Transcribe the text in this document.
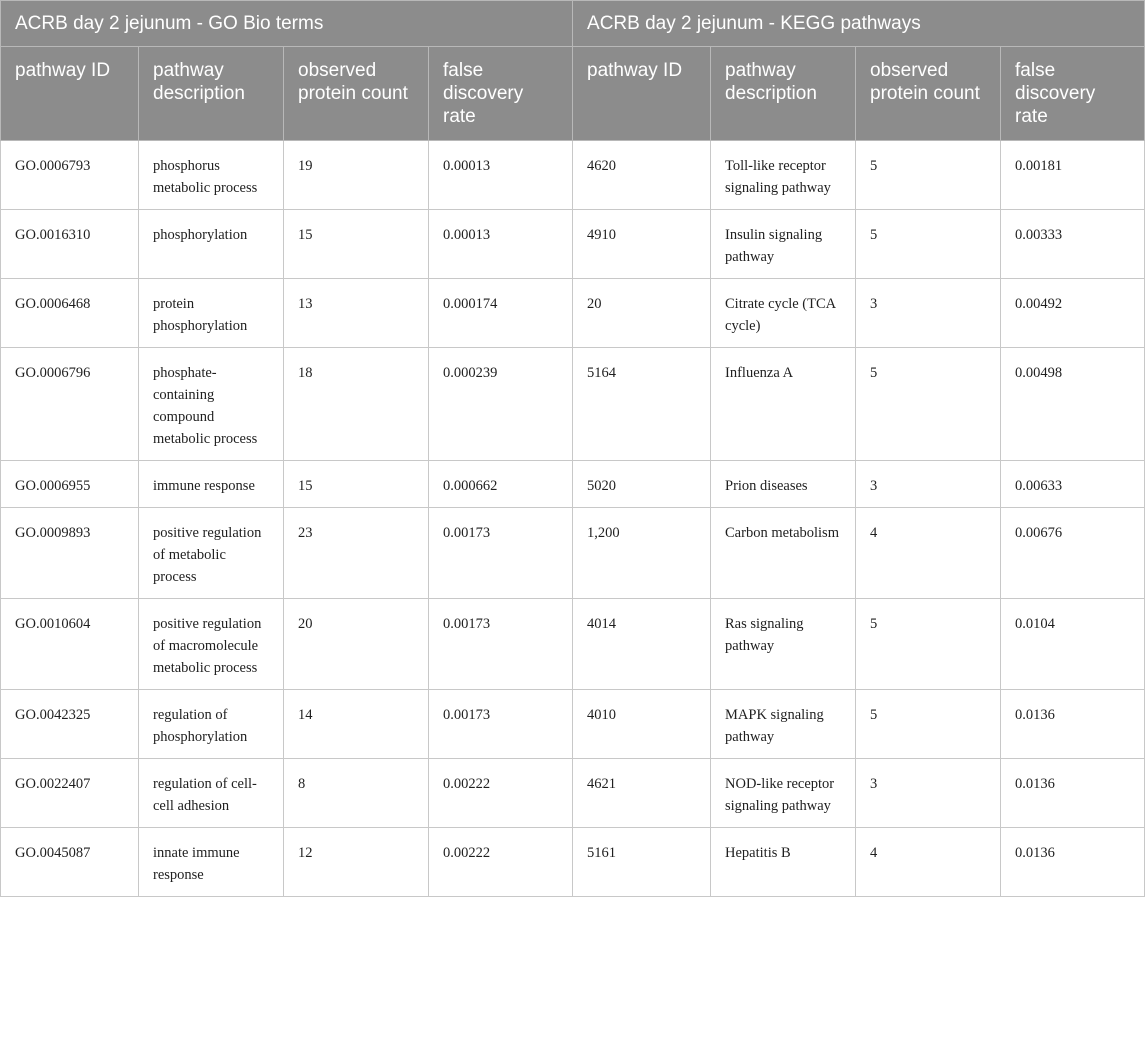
ACRB day 2 jejunum - GO Bio terms				ACRB day 2 jejunum - KEGG pathways			
pathway ID	pathway description	observed protein count	false discovery rate	pathway ID	pathway description	observed protein count	false discovery rate
GO.0006793	phosphorus metabolic process	19	0.00013	4620	Toll-like receptor signaling pathway	5	0.00181
GO.0016310	phosphorylation	15	0.00013	4910	Insulin signaling pathway	5	0.00333
GO.0006468	protein phosphorylation	13	0.000174	20	Citrate cycle (TCA cycle)	3	0.00492
GO.0006796	phosphate-containing compound metabolic process	18	0.000239	5164	Influenza A	5	0.00498
GO.0006955	immune response	15	0.000662	5020	Prion diseases	3	0.00633
GO.0009893	positive regulation of metabolic process	23	0.00173	1,200	Carbon metabolism	4	0.00676
GO.0010604	positive regulation of macromolecule metabolic process	20	0.00173	4014	Ras signaling pathway	5	0.0104
GO.0042325	regulation of phosphorylation	14	0.00173	4010	MAPK signaling pathway	5	0.0136
GO.0022407	regulation of cell-cell adhesion	8	0.00222	4621	NOD-like receptor signaling pathway	3	0.0136
GO.0045087	innate immune response	12	0.00222	5161	Hepatitis B	4	0.0136
